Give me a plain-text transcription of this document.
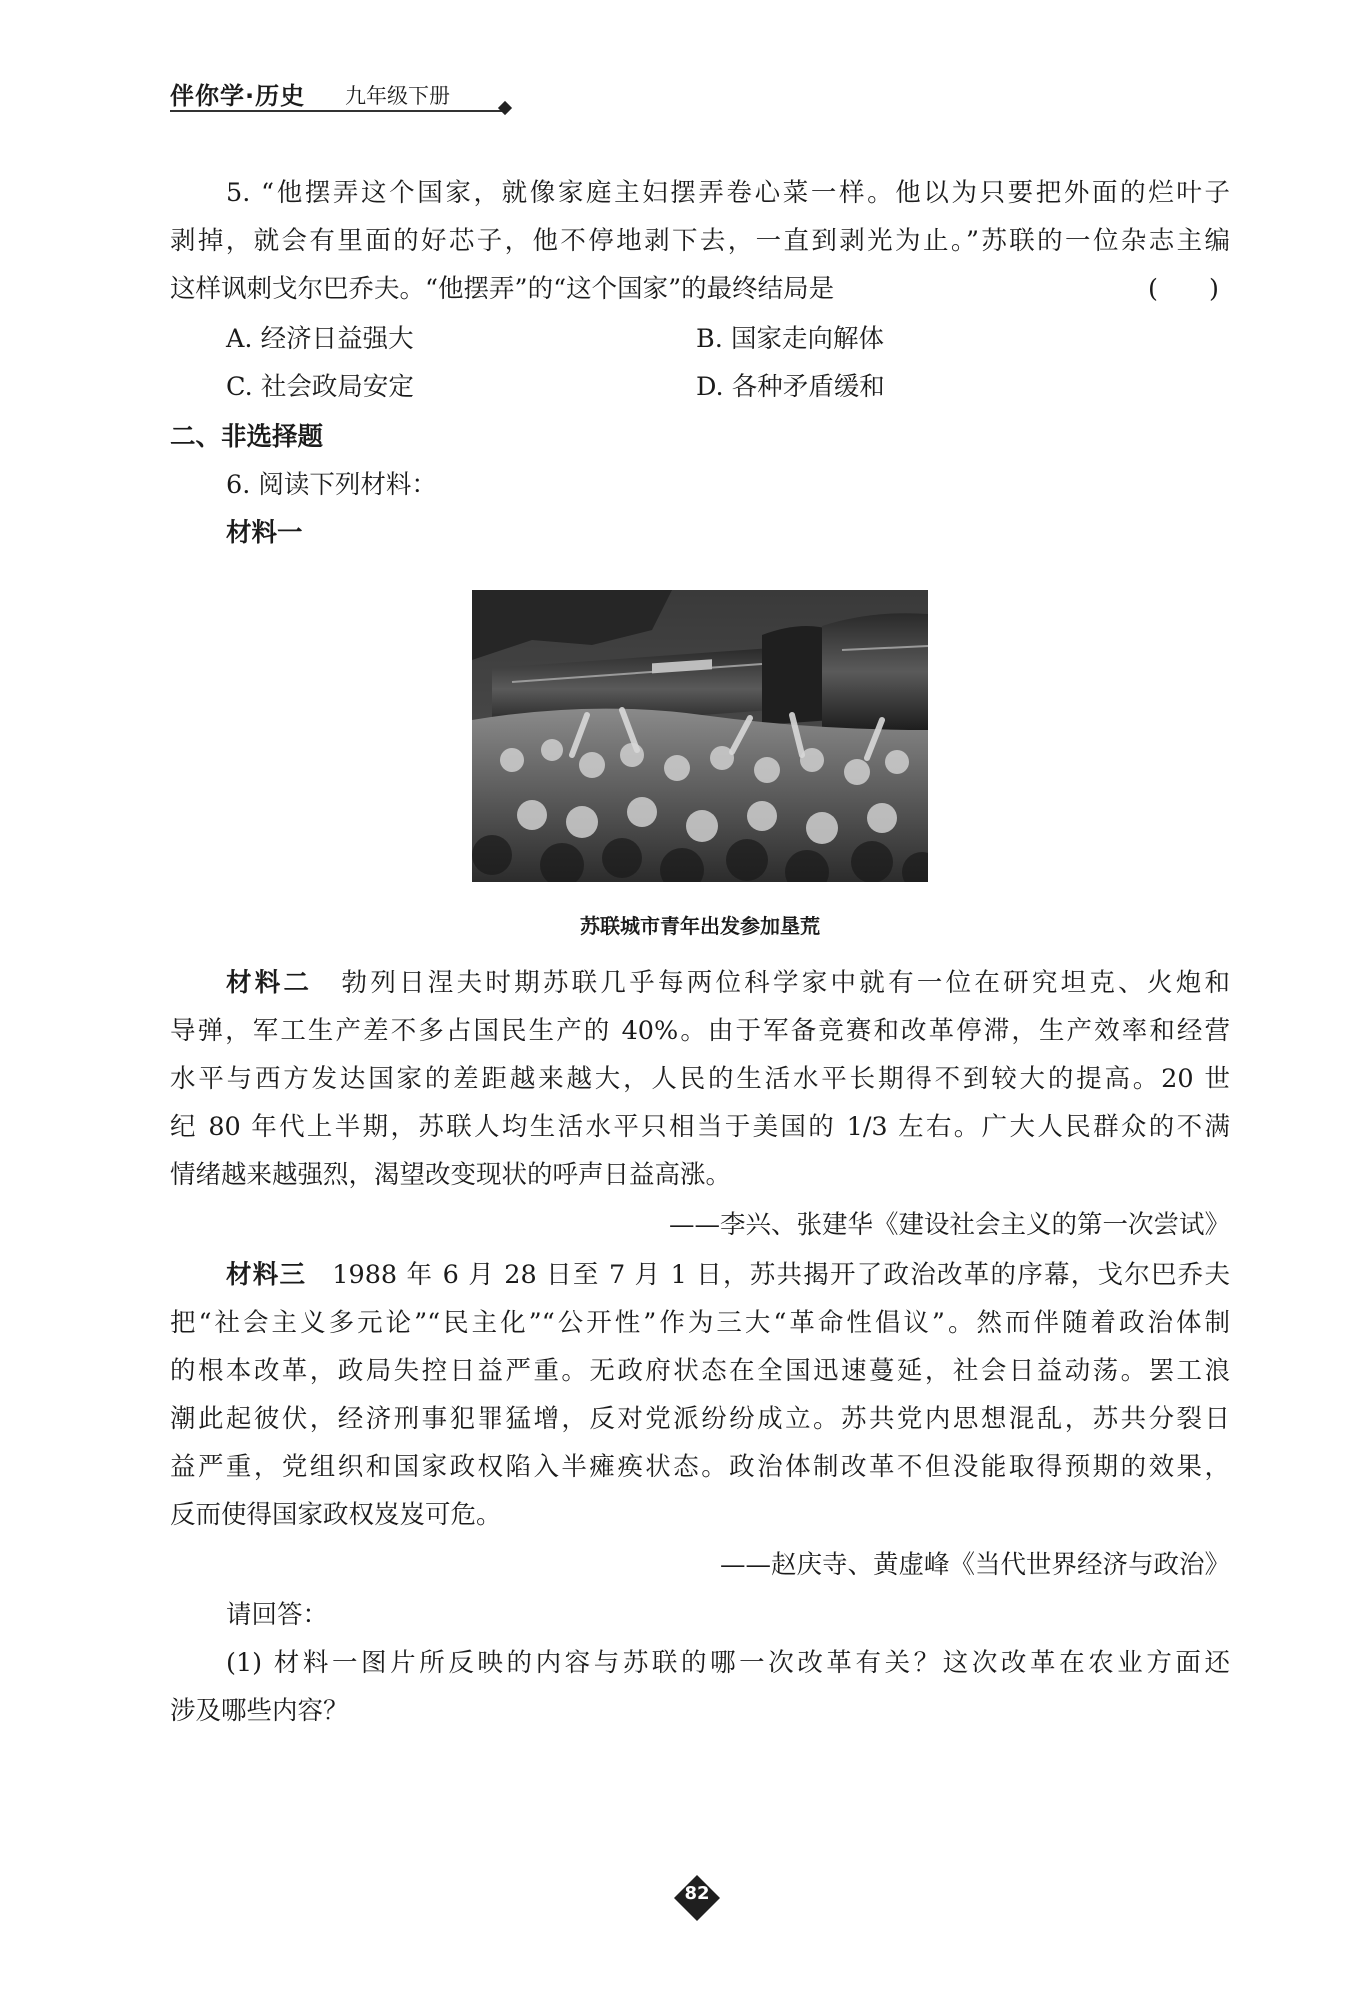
伴你学·历史 九年级下册
5. “他摆弄这个国家，就像家庭主妇摆弄卷心菜一样。他以为只要把外面的烂叶子
剥掉，就会有里面的好芯子，他不停地剥下去，一直到剥光为止。”苏联的一位杂志主编
这样讽刺戈尔巴乔夫。“他摆弄”的“这个国家”的最终结局是	(　　)
A. 经济日益强大	B. 国家走向解体
C. 社会政局安定	D. 各种矛盾缓和
二、非选择题
6. 阅读下列材料：
材料一
苏联城市青年出发参加垦荒
材料二 勃列日涅夫时期苏联几乎每两位科学家中就有一位在研究坦克、火炮和
导弹，军工生产差不多占国民生产的 40%。由于军备竞赛和改革停滞，生产效率和经营
水平与西方发达国家的差距越来越大，人民的生活水平长期得不到较大的提高。20 世
纪 80 年代上半期，苏联人均生活水平只相当于美国的 1/3 左右。广大人民群众的不满
情绪越来越强烈，渴望改变现状的呼声日益高涨。
——李兴、张建华《建设社会主义的第一次尝试》
材料三 1988 年 6 月 28 日至 7 月 1 日，苏共揭开了政治改革的序幕，戈尔巴乔夫
把“社会主义多元论”“民主化”“公开性”作为三大“革命性倡议”。然而伴随着政治体制
的根本改革，政局失控日益严重。无政府状态在全国迅速蔓延，社会日益动荡。罢工浪
潮此起彼伏，经济刑事犯罪猛增，反对党派纷纷成立。苏共党内思想混乱，苏共分裂日
益严重，党组织和国家政权陷入半瘫痪状态。政治体制改革不但没能取得预期的效果，
反而使得国家政权岌岌可危。
——赵庆寺、黄虚峰《当代世界经济与政治》
请回答：
(1) 材料一图片所反映的内容与苏联的哪一次改革有关？这次改革在农业方面还
涉及哪些内容？
82
